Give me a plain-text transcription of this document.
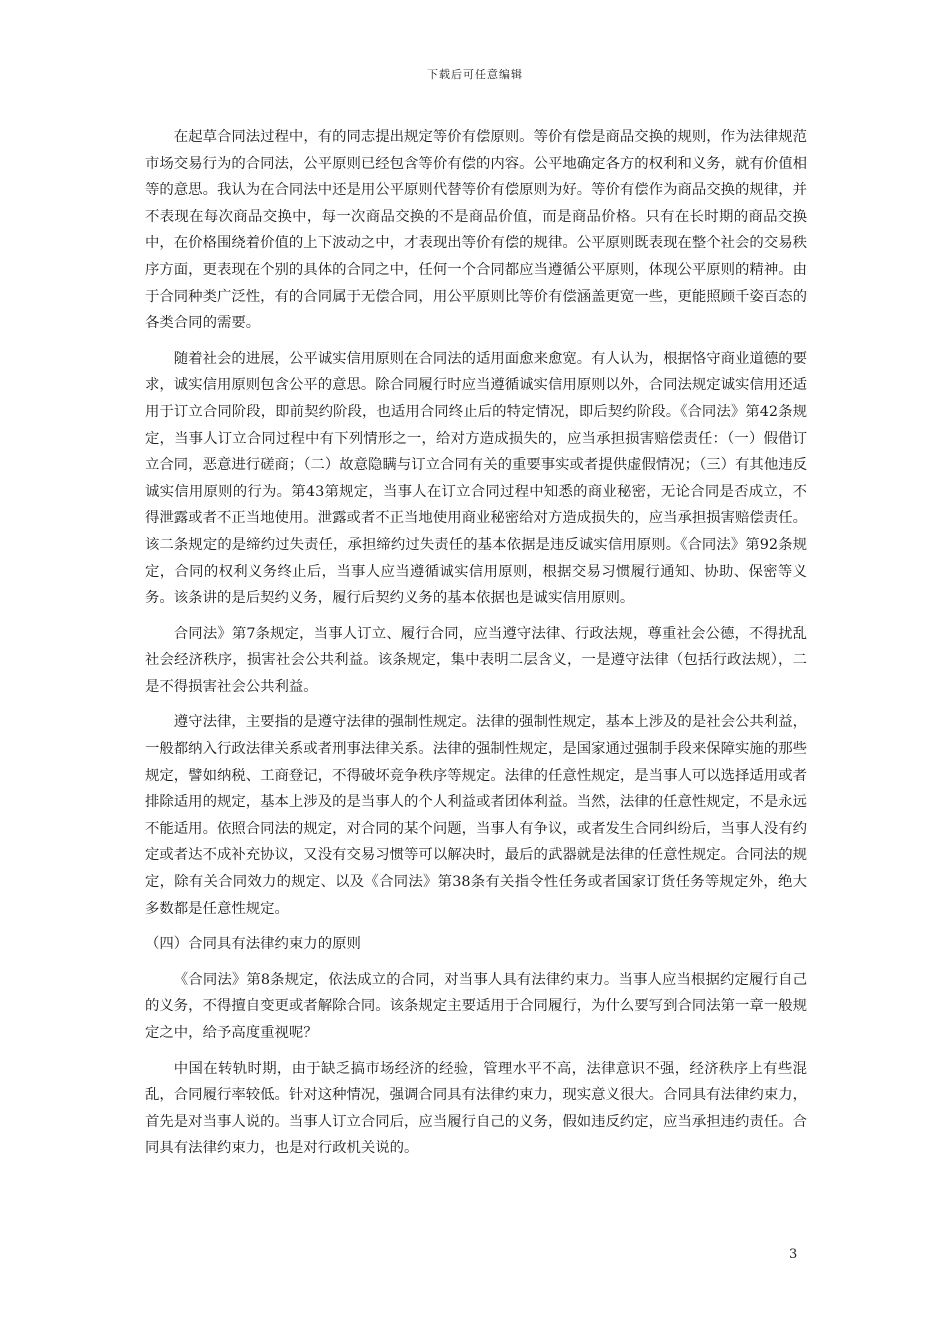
下载后可任意编辑

在起草合同法过程中，有的同志提出规定等价有偿原则。等价有偿是商品交换的规则，作为法律规范市场交易行为的合同法，公平原则已经包含等价有偿的内容。公平地确定各方的权利和义务，就有价值相等的意思。我认为在合同法中还是用公平原则代替等价有偿原则为好。等价有偿作为商品交换的规律，并不表现在每次商品交换中，每一次商品交换的不是商品价值，而是商品价格。只有在长时期的商品交换中，在价格围绕着价值的上下波动之中，才表现出等价有偿的规律。公平原则既表现在整个社会的交易秩序方面，更表现在个别的具体的合同之中，任何一个合同都应当遵循公平原则，体现公平原则的精神。由于合同种类广泛性，有的合同属于无偿合同，用公平原则比等价有偿涵盖更宽一些，更能照顾千姿百态的各类合同的需要。

随着社会的进展，公平诚实信用原则在合同法的适用面愈来愈宽。有人认为，根据恪守商业道德的要求，诚实信用原则包含公平的意思。除合同履行时应当遵循诚实信用原则以外，合同法规定诚实信用还适用于订立合同阶段，即前契约阶段，也适用合同终止后的特定情况，即后契约阶段。《合同法》第42条规定，当事人订立合同过程中有下列情形之一，给对方造成损失的，应当承担损害赔偿责任：（一）假借订立合同，恶意进行磋商；（二）故意隐瞒与订立合同有关的重要事实或者提供虚假情况；（三）有其他违反诚实信用原则的行为。第43第规定，当事人在订立合同过程中知悉的商业秘密，无论合同是否成立，不得泄露或者不正当地使用。泄露或者不正当地使用商业秘密给对方造成损失的，应当承担损害赔偿责任。该二条规定的是缔约过失责任，承担缔约过失责任的基本依据是违反诚实信用原则。《合同法》第92条规定，合同的权利义务终止后，当事人应当遵循诚实信用原则，根据交易习惯履行通知、协助、保密等义务。该条讲的是后契约义务，履行后契约义务的基本依据也是诚实信用原则。

合同法》第7条规定，当事人订立、履行合同，应当遵守法律、行政法规，尊重社会公德，不得扰乱社会经济秩序，损害社会公共利益。该条规定，集中表明二层含义，一是遵守法律（包括行政法规），二是不得损害社会公共利益。

遵守法律，主要指的是遵守法律的强制性规定。法律的强制性规定，基本上涉及的是社会公共利益，一般都纳入行政法律关系或者刑事法律关系。法律的强制性规定，是国家通过强制手段来保障实施的那些规定，譬如纳税、工商登记，不得破坏竞争秩序等规定。法律的任意性规定，是当事人可以选择适用或者排除适用的规定，基本上涉及的是当事人的个人利益或者团体利益。当然，法律的任意性规定，不是永远不能适用。依照合同法的规定，对合同的某个问题，当事人有争议，或者发生合同纠纷后，当事人没有约定或者达不成补充协议，又没有交易习惯等可以解决时，最后的武器就是法律的任意性规定。合同法的规定，除有关合同效力的规定、以及《合同法》第38条有关指令性任务或者国家订货任务等规定外，绝大多数都是任意性规定。

（四）合同具有法律约束力的原则

《合同法》第8条规定，依法成立的合同，对当事人具有法律约束力。当事人应当根据约定履行自己的义务，不得擅自变更或者解除合同。该条规定主要适用于合同履行，为什么要写到合同法第一章一般规定之中，给予高度重视呢？

中国在转轨时期，由于缺乏搞市场经济的经验，管理水平不高，法律意识不强，经济秩序上有些混乱，合同履行率较低。针对这种情况，强调合同具有法律约束力，现实意义很大。合同具有法律约束力，首先是对当事人说的。当事人订立合同后，应当履行自己的义务，假如违反约定，应当承担违约责任。合同具有法律约束力，也是对行政机关说的。

3
